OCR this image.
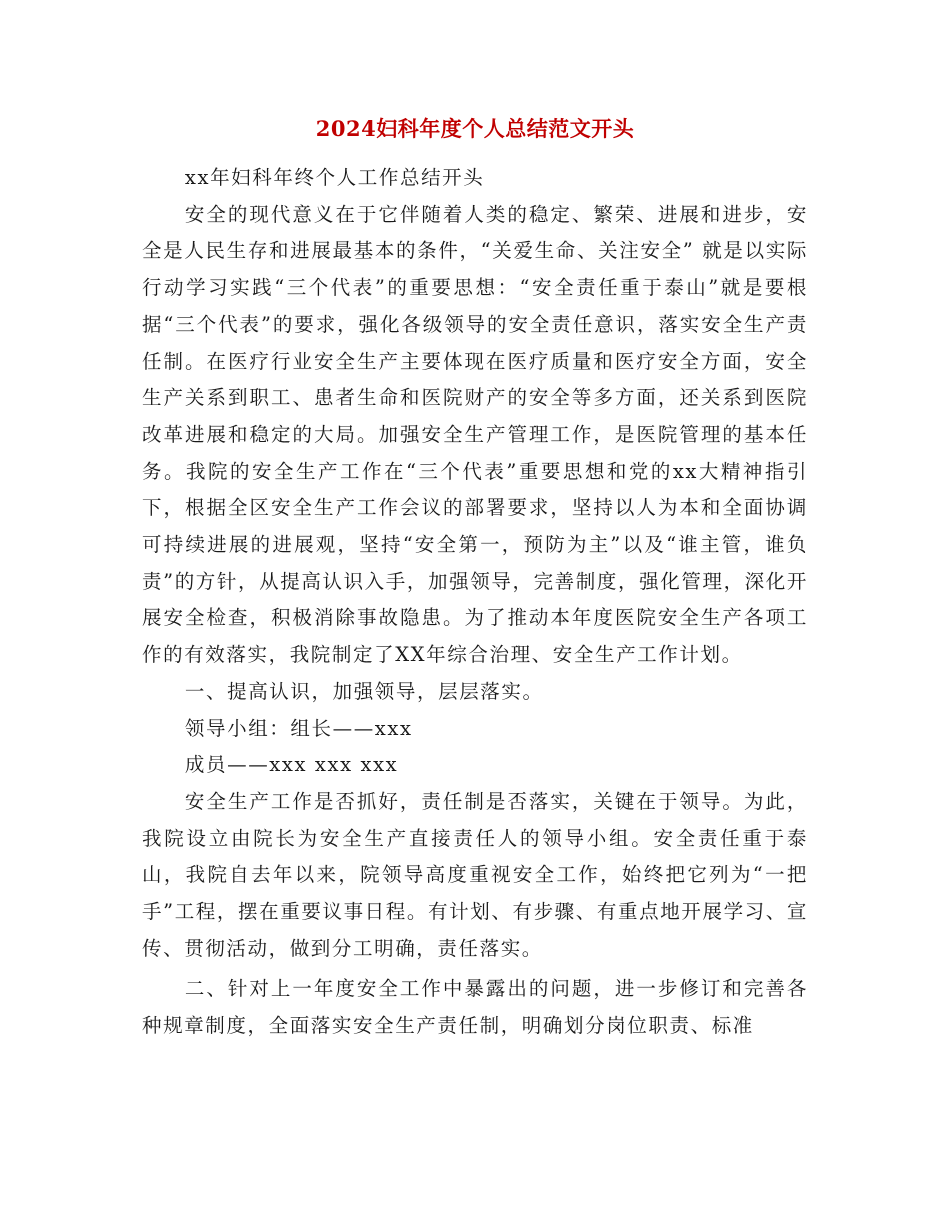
2024妇科年度个人总结范文开头

xx年妇科年终个人工作总结开头

安全的现代意义在于它伴随着人类的稳定、繁荣、进展和进步，安全是人民生存和进展最基本的条件，“关爱生命、关注安全” 就是以实际行动学习实践“三个代表”的重要思想：“安全责任重于泰山”就是要根据“三个代表”的要求，强化各级领导的安全责任意识，落实安全生产责任制。在医疗行业安全生产主要体现在医疗质量和医疗安全方面，安全生产关系到职工、患者生命和医院财产的安全等多方面，还关系到医院改革进展和稳定的大局。加强安全生产管理工作，是医院管理的基本任务。我院的安全生产工作在“三个代表”重要思想和党的xx大精神指引下，根据全区安全生产工作会议的部署要求，坚持以人为本和全面协调可持续进展的进展观，坚持“安全第一，预防为主”以及“谁主管，谁负责”的方针，从提高认识入手，加强领导，完善制度，强化管理，深化开展安全检查，积极消除事故隐患。为了推动本年度医院安全生产各项工作的有效落实，我院制定了XX年综合治理、安全生产工作计划。

一、提高认识，加强领导，层层落实。

领导小组：组长——xxx

成员——xxx xxx xxx

安全生产工作是否抓好，责任制是否落实，关键在于领导。为此，我院设立由院长为安全生产直接责任人的领导小组。安全责任重于泰山，我院自去年以来，院领导高度重视安全工作，始终把它列为“一把手”工程，摆在重要议事日程。有计划、有步骤、有重点地开展学习、宣传、贯彻活动，做到分工明确，责任落实。

二、针对上一年度安全工作中暴露出的问题，进一步修订和完善各种规章制度，全面落实安全生产责任制，明确划分岗位职责、标准
